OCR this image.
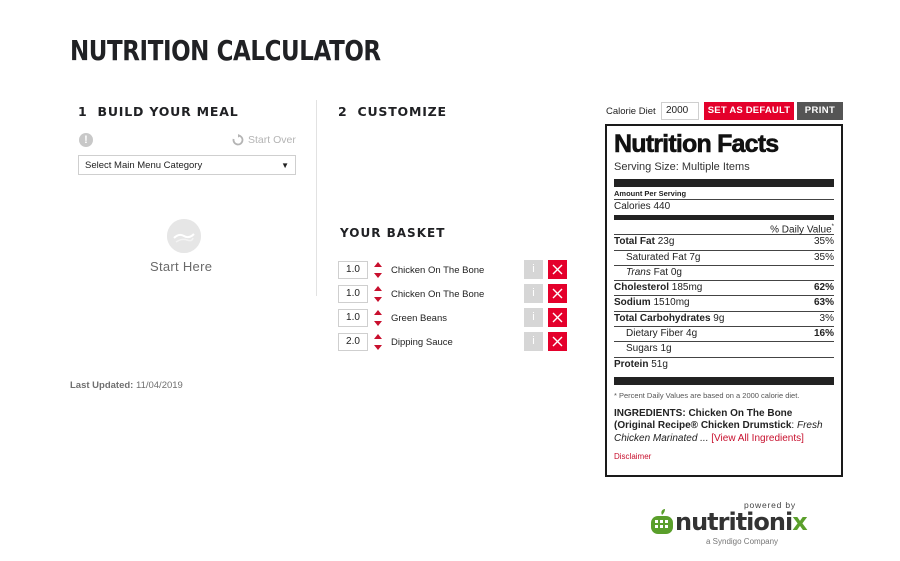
NUTRITION CALCULATOR
1 BUILD YOUR MEAL	2 CUSTOMIZE
!	Start Over
Select Main Menu Category	▼
Start Here
Last Updated: 11/04/2019
YOUR BASKET
1.0	Chicken On The Bone	i
1.0	Chicken On The Bone	i
1.0	Green Beans	i
2.0	Dipping Sauce	i
Calorie Diet	2000	SET AS DEFAULT	PRINT
Nutrition Facts
Serving Size: Multiple Items
Amount Per Serving
Calories 440
% Daily Value*
Total Fat 23g	35%
Saturated Fat 7g	35%
Trans Fat 0g
Cholesterol 185mg	62%
Sodium 1510mg	63%
Total Carbohydrates 9g	3%
Dietary Fiber 4g	16%
Sugars 1g
Protein 51g
* Percent Daily Values are based on a 2000 calorie diet.
INGREDIENTS: Chicken On The Bone (Original Recipe® Chicken Drumstick: Fresh Chicken Marinated ... [View All Ingredients]
Disclaimer
powered by
nutritionix
a Syndigo Company
